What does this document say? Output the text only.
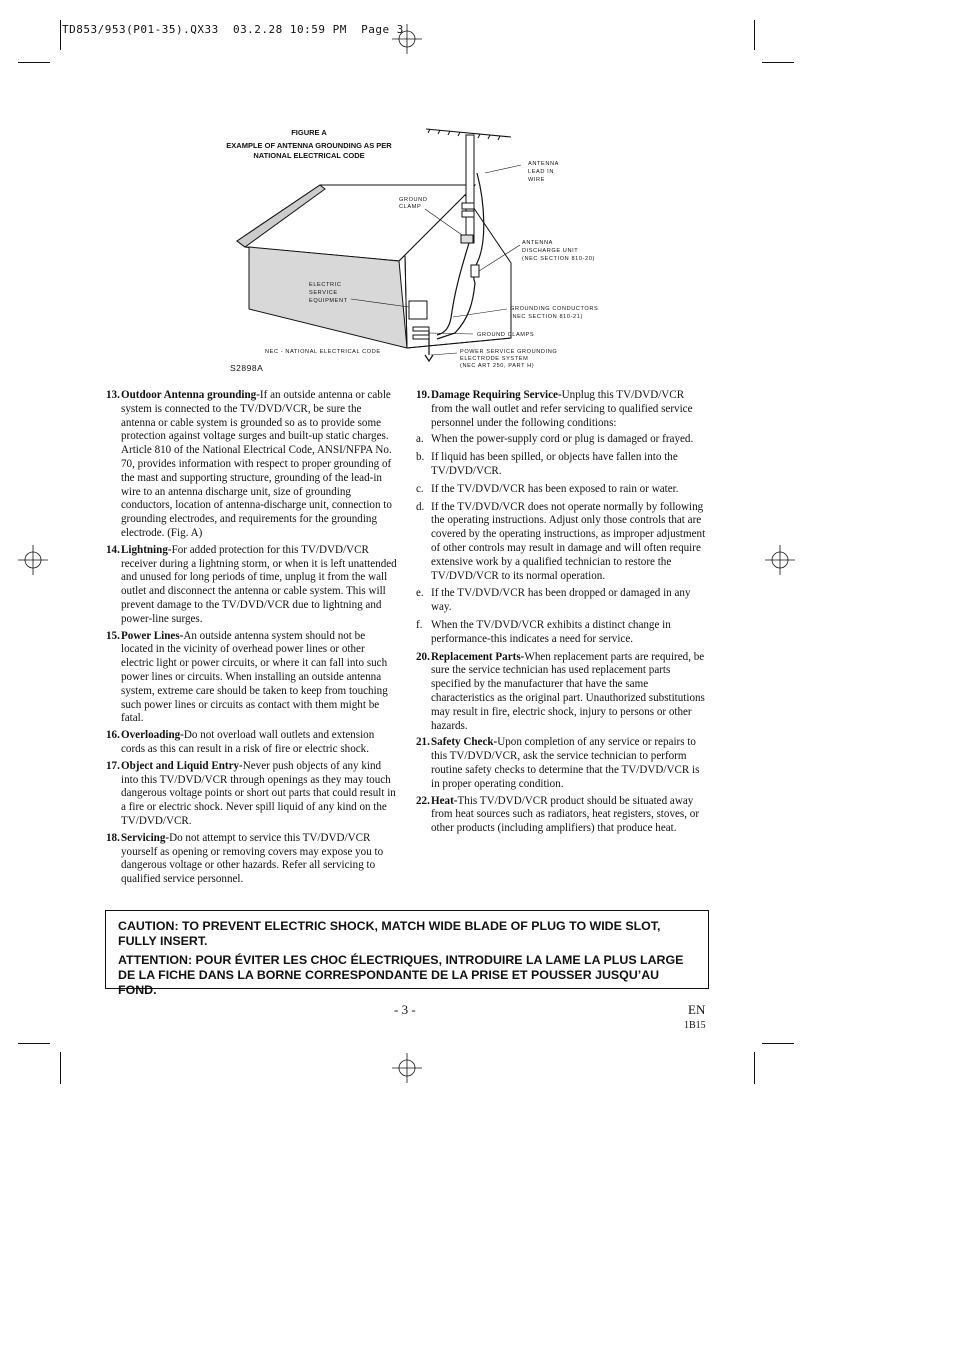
TD853/953(P01-35).QX33  03.2.28 10:59 PM  Page 3
FIGURE A
EXAMPLE OF ANTENNA GROUNDING AS PER
NATIONAL ELECTRICAL CODE
ANTENNA
LEAD IN
WIRE
GROUND
CLAMP
ANTENNA
DISCHARGE UNIT
(NEC SECTION 810-20)
ELECTRIC
SERVICE
EQUIPMENT
GROUNDING CONDUCTORS
(NEC SECTION 810-21)
GROUND CLAMPS
NEC - NATIONAL ELECTRICAL CODE	POWER SERVICE GROUNDING
ELECTRODE SYSTEM
(NEC ART 250, PART H)
S2898A
13. Outdoor Antenna grounding-If an outside antenna or cable system is connected to the TV/DVD/VCR, be sure the antenna or cable system is grounded so as to provide some protection against voltage surges and built-up static charges. Article 810 of the National Electrical Code, ANSI/NFPA No. 70, provides information with respect to proper grounding of the mast and supporting structure, grounding of the lead-in wire to an antenna discharge unit, size of grounding conductors, location of antenna-discharge unit, connection to grounding electrodes, and requirements for the grounding electrode. (Fig. A)
14. Lightning-For added protection for this TV/DVD/VCR receiver during a lightning storm, or when it is left unattended and unused for long periods of time, unplug it from the wall outlet and disconnect the antenna or cable system. This will prevent damage to the TV/DVD/VCR due to lightning and power-line surges.
15. Power Lines-An outside antenna system should not be located in the vicinity of overhead power lines or other electric light or power circuits, or where it can fall into such power lines or circuits. When installing an outside antenna system, extreme care should be taken to keep from touching such power lines or circuits as contact with them might be fatal.
16. Overloading-Do not overload wall outlets and extension cords as this can result in a risk of fire or electric shock.
17. Object and Liquid Entry-Never push objects of any kind into this TV/DVD/VCR through openings as they may touch dangerous voltage points or short out parts that could result in a fire or electric shock. Never spill liquid of any kind on the TV/DVD/VCR.
18. Servicing-Do not attempt to service this TV/DVD/VCR yourself as opening or removing covers may expose you to dangerous voltage or other hazards. Refer all servicing to qualified service personnel.
19. Damage Requiring Service-Unplug this TV/DVD/VCR from the wall outlet and refer servicing to qualified service personnel under the following conditions:
a. When the power-supply cord or plug is damaged or frayed.
b. If liquid has been spilled, or objects have fallen into the TV/DVD/VCR.
c. If the TV/DVD/VCR has been exposed to rain or water.
d. If the TV/DVD/VCR does not operate normally by following the operating instructions. Adjust only those controls that are covered by the operating instructions, as improper adjustment of other controls may result in damage and will often require extensive work by a qualified technician to restore the TV/DVD/VCR to its normal operation.
e. If the TV/DVD/VCR has been dropped or damaged in any way.
f. When the TV/DVD/VCR exhibits a distinct change in performance-this indicates a need for service.
20. Replacement Parts-When replacement parts are required, be sure the service technician has used replacement parts specified by the manufacturer that have the same characteristics as the original part. Unauthorized substitutions may result in fire, electric shock, injury to persons or other hazards.
21. Safety Check-Upon completion of any service or repairs to this TV/DVD/VCR, ask the service technician to perform routine safety checks to determine that the TV/DVD/VCR is in proper operating condition.
22. Heat-This TV/DVD/VCR product should be situated away from heat sources such as radiators, heat registers, stoves, or other products (including amplifiers) that produce heat.

CAUTION: TO PREVENT ELECTRIC SHOCK, MATCH WIDE BLADE OF PLUG TO WIDE SLOT, FULLY INSERT.

ATTENTION: POUR ÉVITER LES CHOC ÉLECTRIQUES, INTRODUIRE LA LAME LA PLUS LARGE DE LA FICHE DANS LA BORNE CORRESPONDANTE DE LA PRISE ET POUSSER JUSQU’AU FOND.

- 3 -	EN
1B15
